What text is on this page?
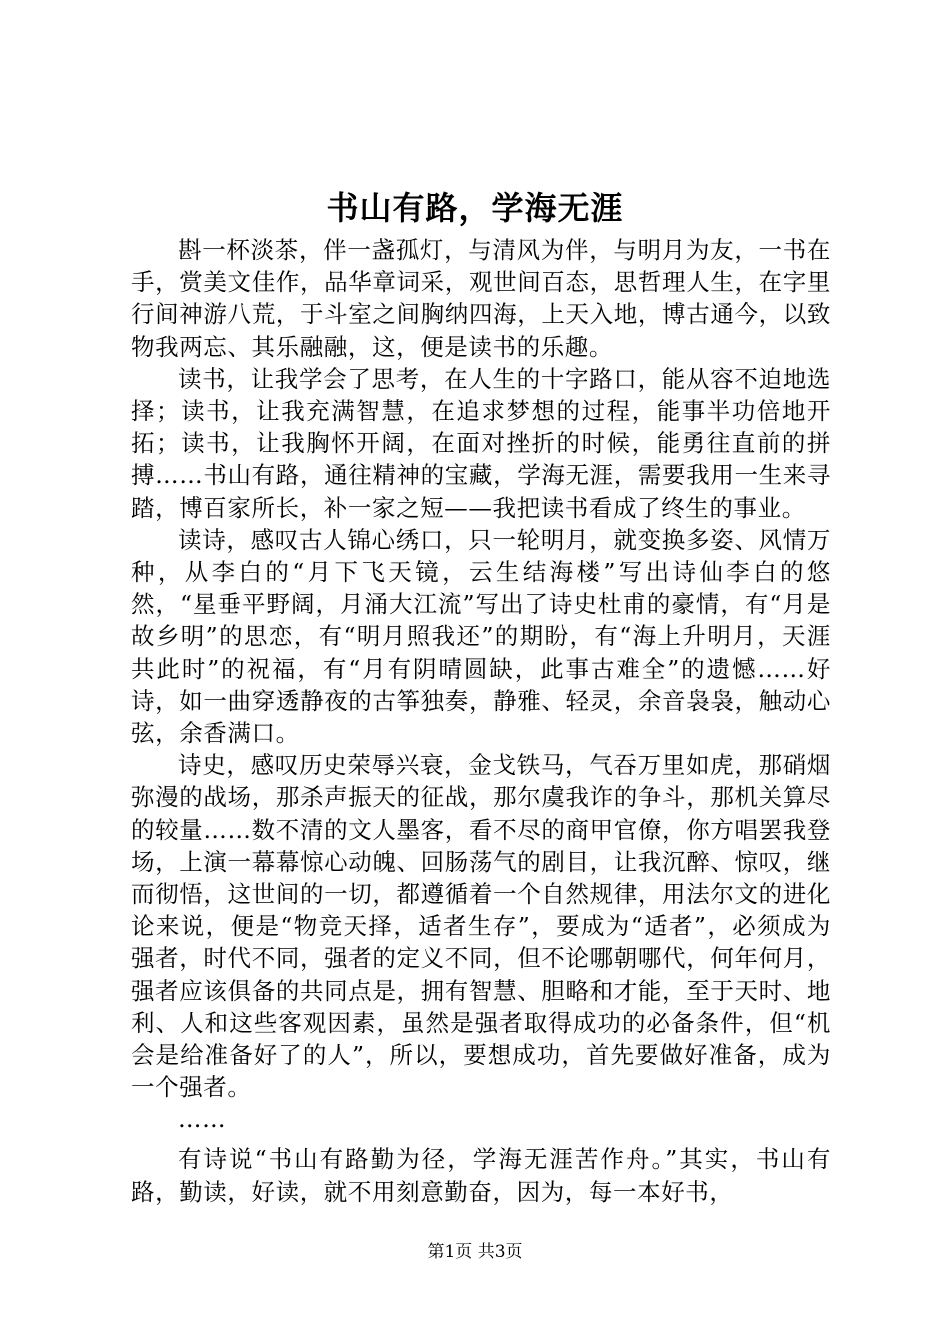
书山有路，学海无涯

斟一杯淡茶，伴一盏孤灯，与清风为伴，与明月为友，一书在手，赏美文佳作，品华章词采，观世间百态，思哲理人生，在字里行间神游八荒，于斗室之间胸纳四海，上天入地，博古通今，以致物我两忘、其乐融融，这，便是读书的乐趣。

读书，让我学会了思考，在人生的十字路口，能从容不迫地选择；读书，让我充满智慧，在追求梦想的过程，能事半功倍地开拓；读书，让我胸怀开阔，在面对挫折的时候，能勇往直前的拼搏……书山有路，通往精神的宝藏，学海无涯，需要我用一生来寻踏，博百家所长，补一家之短——我把读书看成了终生的事业。

读诗，感叹古人锦心绣口，只一轮明月，就变换多姿、风情万种，从李白的“月下飞天镜，云生结海楼”写出诗仙李白的悠然，“星垂平野阔，月涌大江流”写出了诗史杜甫的豪情，有“月是故乡明”的思恋，有“明月照我还”的期盼，有“海上升明月，天涯共此时”的祝福，有“月有阴晴圆缺，此事古难全”的遗憾……好诗，如一曲穿透静夜的古筝独奏，静雅、轻灵，余音袅袅，触动心弦，余香满口。

诗史，感叹历史荣辱兴衰，金戈铁马，气吞万里如虎，那硝烟弥漫的战场，那杀声振天的征战，那尔虞我诈的争斗，那机关算尽的较量……数不清的文人墨客，看不尽的商甲官僚，你方唱罢我登场，上演一幕幕惊心动魄、回肠荡气的剧目，让我沉醉、惊叹，继而彻悟，这世间的一切，都遵循着一个自然规律，用法尔文的进化论来说，便是“物竞天择，适者生存”，要成为“适者”，必须成为强者，时代不同，强者的定义不同，但不论哪朝哪代，何年何月，强者应该俱备的共同点是，拥有智慧、胆略和才能，至于天时、地利、人和这些客观因素，虽然是强者取得成功的必备条件，但“机会是给准备好了的人”，所以，要想成功，首先要做好准备，成为一个强者。

……

有诗说“书山有路勤为径，学海无涯苦作舟。”其实，书山有路，勤读，好读，就不用刻意勤奋，因为，每一本好书，

第1页 共3页
